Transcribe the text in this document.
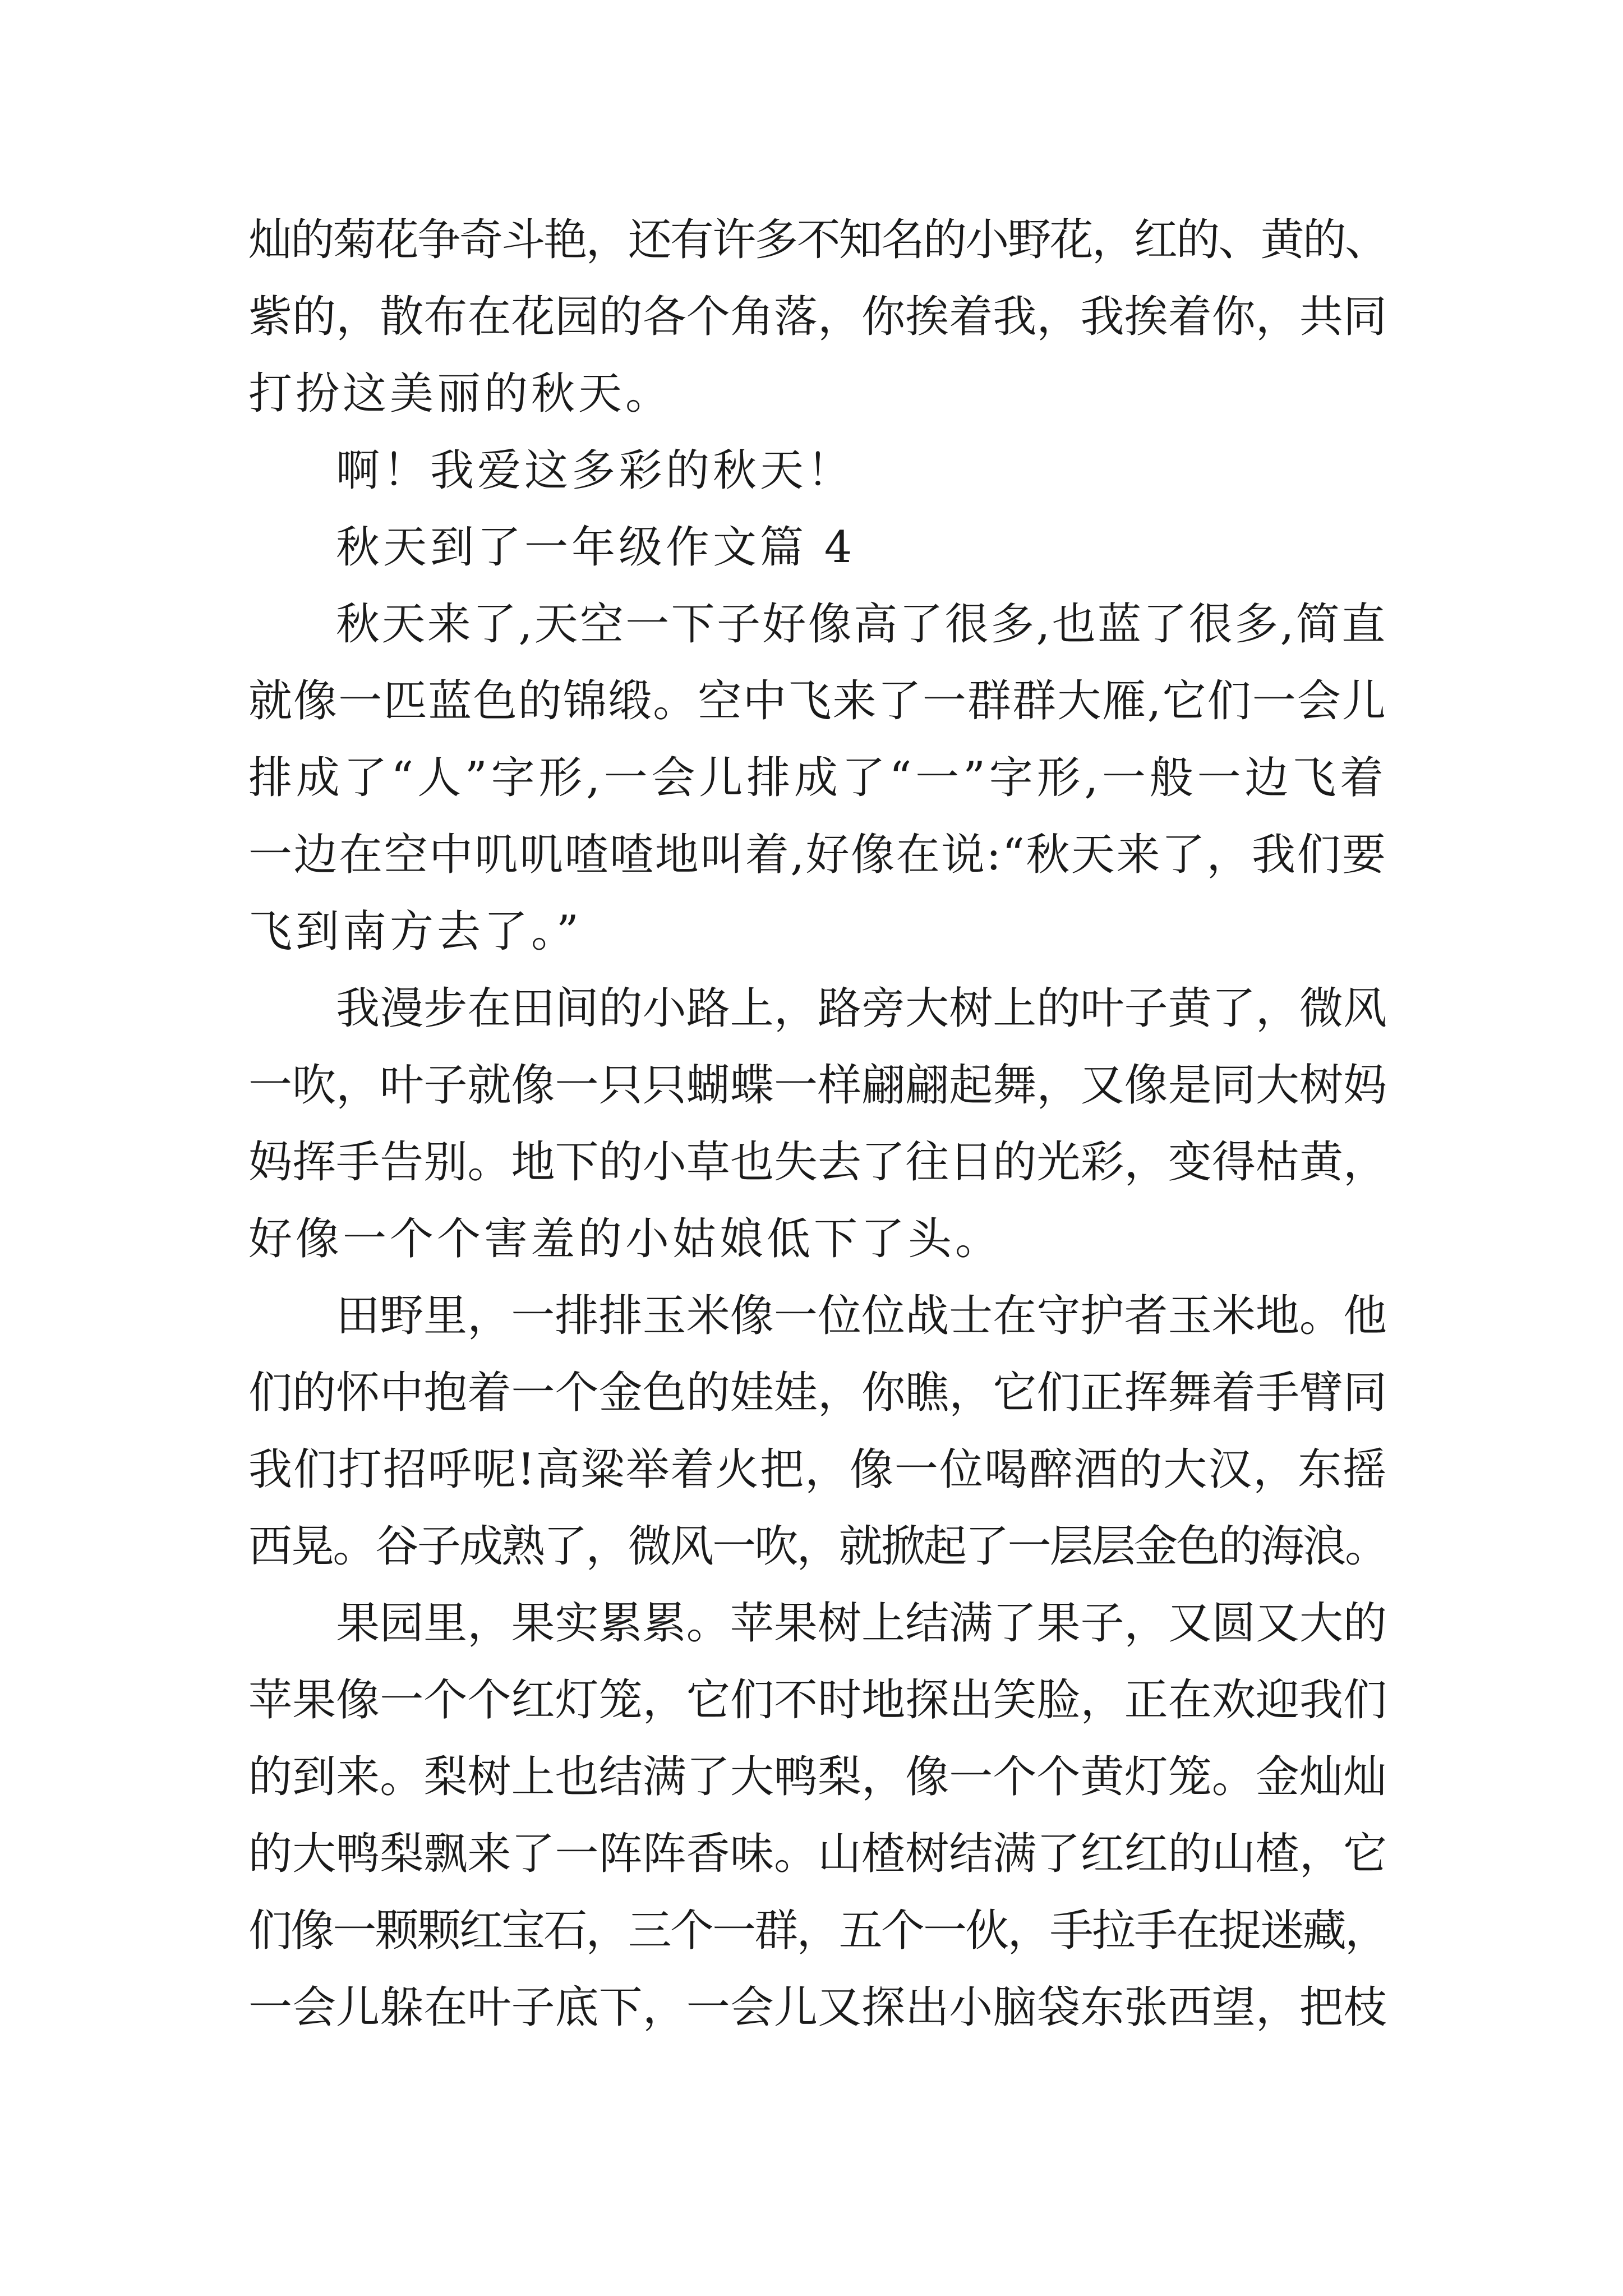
灿的菊花争奇斗艳，还有许多不知名的小野花，红的、黄的、
紫的，散布在花园的各个角落，你挨着我，我挨着你，共同
打扮这美丽的秋天。
啊！我爱这多彩的秋天！
秋天到了一年级作文篇 4
秋天来了,天空一下子好像高了很多,也蓝了很多,简直
就像一匹蓝色的锦缎。空中飞来了一群群大雁,它们一会儿
排成了“人”字形,一会儿排成了“一”字形,一般一边飞着
一边在空中叽叽喳喳地叫着,好像在说:“秋天来了，我们要
飞到南方去了。”
我漫步在田间的小路上，路旁大树上的叶子黄了，微风
一吹，叶子就像一只只蝴蝶一样翩翩起舞，又像是同大树妈
妈挥手告别。地下的小草也失去了往日的光彩，变得枯黄，
好像一个个害羞的小姑娘低下了头。
田野里，一排排玉米像一位位战士在守护者玉米地。他
们的怀中抱着一个金色的娃娃，你瞧，它们正挥舞着手臂同
我们打招呼呢!高粱举着火把，像一位喝醉酒的大汉，东摇
西晃。谷子成熟了，微风一吹，就掀起了一层层金色的海浪。
果园里，果实累累。苹果树上结满了果子，又圆又大的
苹果像一个个红灯笼，它们不时地探出笑脸，正在欢迎我们
的到来。梨树上也结满了大鸭梨，像一个个黄灯笼。金灿灿
的大鸭梨飘来了一阵阵香味。山楂树结满了红红的山楂，它
们像一颗颗红宝石，三个一群，五个一伙，手拉手在捉迷藏，
一会儿躲在叶子底下，一会儿又探出小脑袋东张西望，把枝
